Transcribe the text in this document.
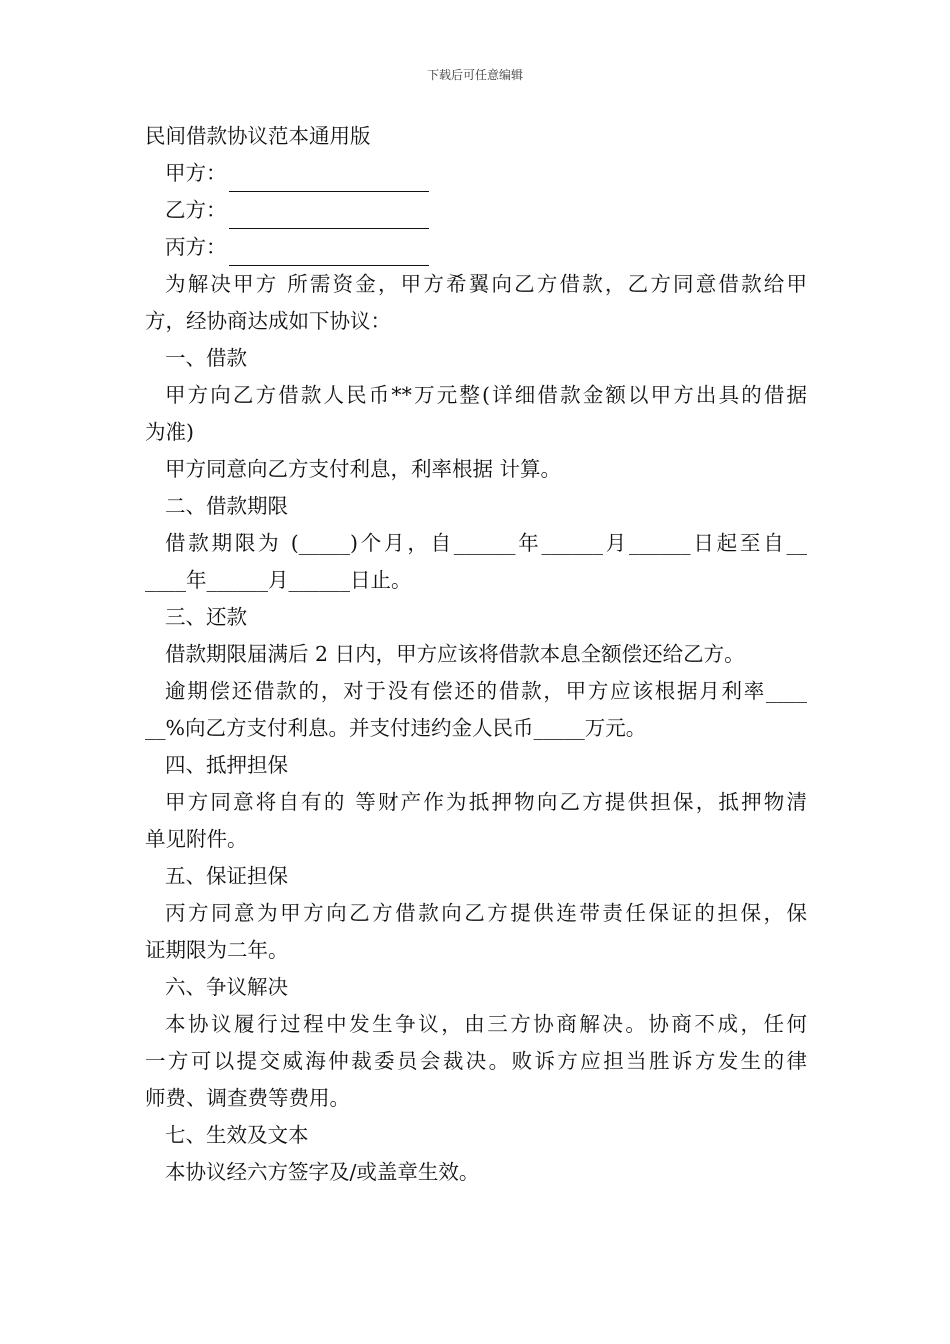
下载后可任意编辑
民间借款协议范本通用版
甲方：
乙方：
丙方：
为解决甲方 所需资金，甲方希翼向乙方借款，乙方同意借款给甲
方，经协商达成如下协议：
一、借款
甲方向乙方借款人民币**万元整(详细借款金额以甲方出具的借据
为准)
甲方同意向乙方支付利息，利率根据 计算。
二、借款期限
借款期限为 (_____)个月，自______年______月______日起至自__
____年______月______日止。
三、还款
借款期限届满后 2 日内，甲方应该将借款本息全额偿还给乙方。
逾期偿还借款的，对于没有偿还的借款，甲方应该根据月利率____
__%向乙方支付利息。并支付违约金人民币_____万元。
四、抵押担保
甲方同意将自有的 等财产作为抵押物向乙方提供担保，抵押物清
单见附件。
五、保证担保
丙方同意为甲方向乙方借款向乙方提供连带责任保证的担保，保
证期限为二年。
六、争议解决
本协议履行过程中发生争议，由三方协商解决。协商不成，任何
一方可以提交威海仲裁委员会裁决。败诉方应担当胜诉方发生的律
师费、调查费等费用。
七、生效及文本
本协议经六方签字及/或盖章生效。
